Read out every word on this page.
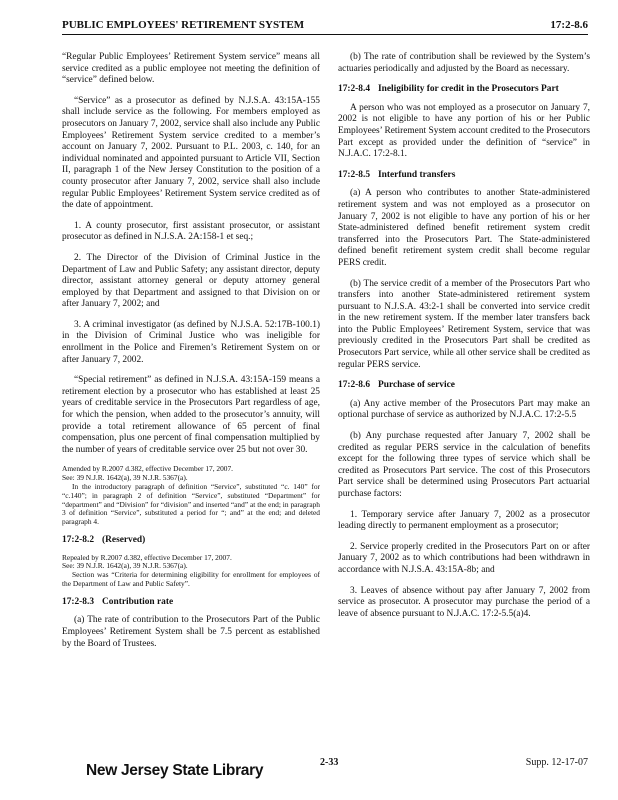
PUBLIC EMPLOYEES' RETIREMENT SYSTEM	17:2-8.6

“Regular Public Employees’ Retirement System service” means all service credited as a public employee not meeting the definition of “service” defined below.

“Service” as a prosecutor as defined by N.J.S.A. 43:15A-155 shall include service as the following. For members employed as prosecutors on January 7, 2002, service shall also include any Public Employees’ Retirement System service credited to a member’s account on January 7, 2002. Pursuant to P.L. 2003, c. 140, for an individual nominated and appointed pursuant to Article VII, Section II, paragraph 1 of the New Jersey Constitution to the position of a county prosecutor after January 7, 2002, service shall also include regular Public Employees’ Retirement System service credited as of the date of appointment.

1. A county prosecutor, first assistant prosecutor, or assistant prosecutor as defined in N.J.S.A. 2A:158-1 et seq.;

2. The Director of the Division of Criminal Justice in the Department of Law and Public Safety; any assistant director, deputy director, assistant attorney general or deputy attorney general employed by that Department and assigned to that Division on or after January 7, 2002; and

3. A criminal investigator (as defined by N.J.S.A. 52:17B-100.1) in the Division of Criminal Justice who was ineligible for enrollment in the Police and Firemen’s Retirement System on or after January 7, 2002.

“Special retirement” as defined in N.J.S.A. 43:15A-159 means a retirement election by a prosecutor who has established at least 25 years of creditable service in the Prosecutors Part regardless of age, for which the pension, when added to the prosecutor’s annuity, will provide a total retirement allowance of 65 percent of final compensation, plus one percent of final compensation multiplied by the number of years of creditable service over 25 but not over 30.

Amended by R.2007 d.382, effective December 17, 2007.
See: 39 N.J.R. 1642(a), 39 N.J.R. 5367(a).
In the introductory paragraph of definition “Service”, substituted “c. 140” for “c.140”; in paragraph 2 of definition “Service”, substituted “Department” for “department” and “Division” for “division” and inserted “and” at the end; in paragraph 3 of definition “Service”, substituted a period for “; and” at the end; and deleted paragraph 4.
17:2-8.2 (Reserved)
Repealed by R.2007 d.382, effective December 17, 2007.
See: 39 N.J.R. 1642(a), 39 N.J.R. 5367(a).
Section was “Criteria for determining eligibility for enrollment for employees of the Department of Law and Public Safety”.
17:2-8.3 Contribution rate

(a) The rate of contribution to the Prosecutors Part of the Public Employees’ Retirement System shall be 7.5 percent as established by the Board of Trustees.

(b) The rate of contribution shall be reviewed by the System’s actuaries periodically and adjusted by the Board as necessary.

17:2-8.4 Ineligibility for credit in the Prosecutors Part

A person who was not employed as a prosecutor on January 7, 2002 is not eligible to have any portion of his or her Public Employees’ Retirement System account credited to the Prosecutors Part except as provided under the definition of “service” in N.J.A.C. 17:2-8.1.

17:2-8.5 Interfund transfers

(a) A person who contributes to another State-administered retirement system and was not employed as a prosecutor on January 7, 2002 is not eligible to have any portion of his or her State-administered defined benefit retirement system credit transferred into the Prosecutors Part. The State-administered defined benefit retirement system credit shall become regular PERS credit.

(b) The service credit of a member of the Prosecutors Part who transfers into another State-administered retirement system pursuant to N.J.S.A. 43:2-1 shall be converted into service credit in the new retirement system. If the member later transfers back into the Public Employees’ Retirement System, service that was previously credited in the Prosecutors Part shall be credited as Prosecutors Part service, while all other service shall be credited as regular PERS service.

17:2-8.6 Purchase of service

(a) Any active member of the Prosecutors Part may make an optional purchase of service as authorized by N.J.A.C. 17:2-5.5

(b) Any purchase requested after January 7, 2002 shall be credited as regular PERS service in the calculation of benefits except for the following three types of service which shall be credited as Prosecutors Part service. The cost of this Prosecutors Part service shall be determined using Prosecutors Part actuarial purchase factors:

1. Temporary service after January 7, 2002 as a prosecutor leading directly to permanent employment as a prosecutor;

2. Service properly credited in the Prosecutors Part on or after January 7, 2002 as to which contributions had been withdrawn in accordance with N.J.S.A. 43:15A-8b; and

3. Leaves of absence without pay after January 7, 2002 from service as prosecutor. A prosecutor may purchase the period of a leave of absence pursuant to N.J.A.C. 17:2-5.5(a)4.

New Jersey State Library	2-33	Supp. 12-17-07
